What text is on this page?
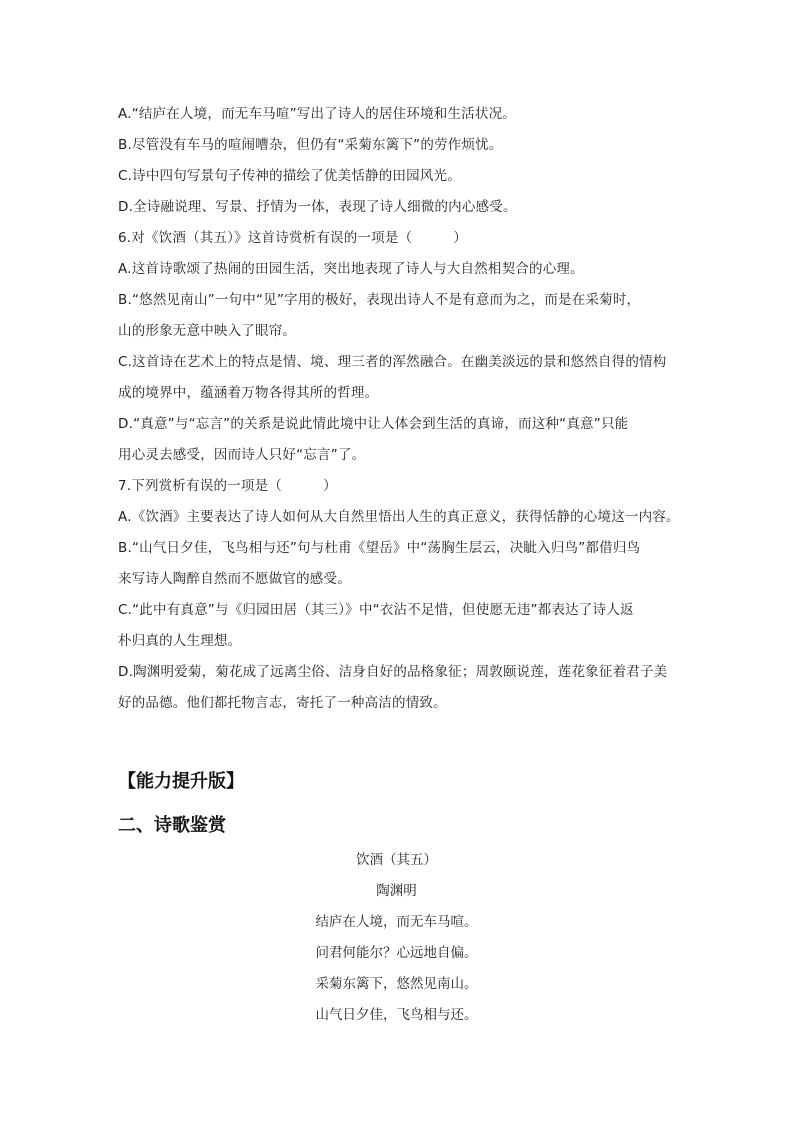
A.“结庐在人境，而无车马喧”写出了诗人的居住环境和生活状况。
B.尽管没有车马的喧闹嘈杂，但仍有“采菊东篱下”的劳作烦忧。
C.诗中四句写景句子传神的描绘了优美恬静的田园风光。
D.全诗融说理、写景、抒情为一体，表现了诗人细微的内心感受。
6.对《饮酒（其五）》这首诗赏析有误的一项是（　　　）
A.这首诗歌颂了热闹的田园生活，突出地表现了诗人与大自然相契合的心理。
B.“悠然见南山”一句中“见”字用的极好，表现出诗人不是有意而为之，而是在采菊时，
山的形象无意中映入了眼帘。
C.这首诗在艺术上的特点是情、境、理三者的浑然融合。在幽美淡远的景和悠然自得的情构
成的境界中，蕴涵着万物各得其所的哲理。
D.“真意”与“忘言”的关系是说此情此境中让人体会到生活的真谛，而这种“真意”只能
用心灵去感受，因而诗人只好“忘言”了。
7.下列赏析有误的一项是（　　　）
A.《饮酒》主要表达了诗人如何从大自然里悟出人生的真正意义，获得恬静的心境这一内容。
B.“山气日夕佳，飞鸟相与还”句与杜甫《望岳》中“荡胸生层云，决眦入归鸟”都借归鸟
来写诗人陶醉自然而不愿做官的感受。
C.“此中有真意”与《归园田居（其三）》中“衣沾不足惜，但使愿无违”都表达了诗人返
朴归真的人生理想。
D.陶渊明爱菊，菊花成了远离尘俗、洁身自好的品格象征；周敦颐说莲，莲花象征着君子美
好的品德。他们都托物言志，寄托了一种高洁的情致。
【能力提升版】
二、诗歌鉴赏
饮酒（其五）
陶渊明
结庐在人境，而无车马喧。
问君何能尔？心远地自偏。
采菊东篱下，悠然见南山。
山气日夕佳，飞鸟相与还。
